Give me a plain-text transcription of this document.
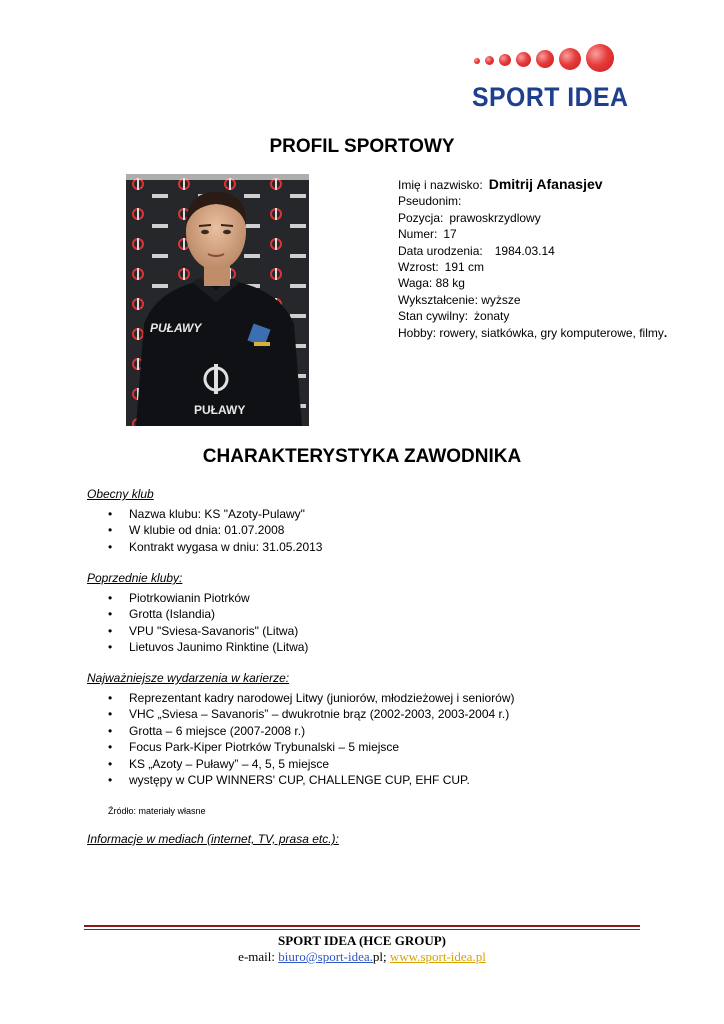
SPORT IDEA
PROFIL SPORTOWY
PUŁAWY
PUŁAWY
Imię i nazwisko: Dmitrij Afanasjev
Pseudonim:
Pozycja: prawoskrzydlowy
Numer: 17
Data urodzenia: 1984.03.14
Wzrost: 191 cm
Waga: 88 kg
Wykształcenie: wyższe
Stan cywilny: żonaty
Hobby: rowery, siatkówka, gry komputerowe, filmy.
CHARAKTERYSTYKA ZAWODNIKA
Obecny klub
• Nazwa klubu: KS "Azoty-Pulawy"
• W klubie od dnia: 01.07.2008
• Kontrakt wygasa w dniu: 31.05.2013
Poprzednie kluby:
• Piotrkowianin Piotrków
• Grotta (Islandia)
• VPU "Sviesa-Savanoris" (Litwa)
• Lietuvos Jaunimo Rinktine (Litwa)
Najważniejsze wydarzenia w karierze:
• Reprezentant kadry narodowej Litwy (juniorów, młodzieżowej i seniorów)
• VHC „Sviesa – Savanoris” – dwukrotnie brąz (2002-2003, 2003-2004 r.)
• Grotta – 6 miejsce (2007-2008 r.)
• Focus Park-Kiper Piotrków Trybunalski – 5 miejsce
• KS „Azoty – Puławy” – 4, 5, 5 miejsce
• występy w CUP WINNERS' CUP, CHALLENGE CUP, EHF CUP.
Źródło: materiały własne
Informacje w mediach (internet, TV, prasa etc.):
SPORT IDEA (HCE GROUP)
e-mail: biuro@sport-idea.pl; www.sport-idea.pl
